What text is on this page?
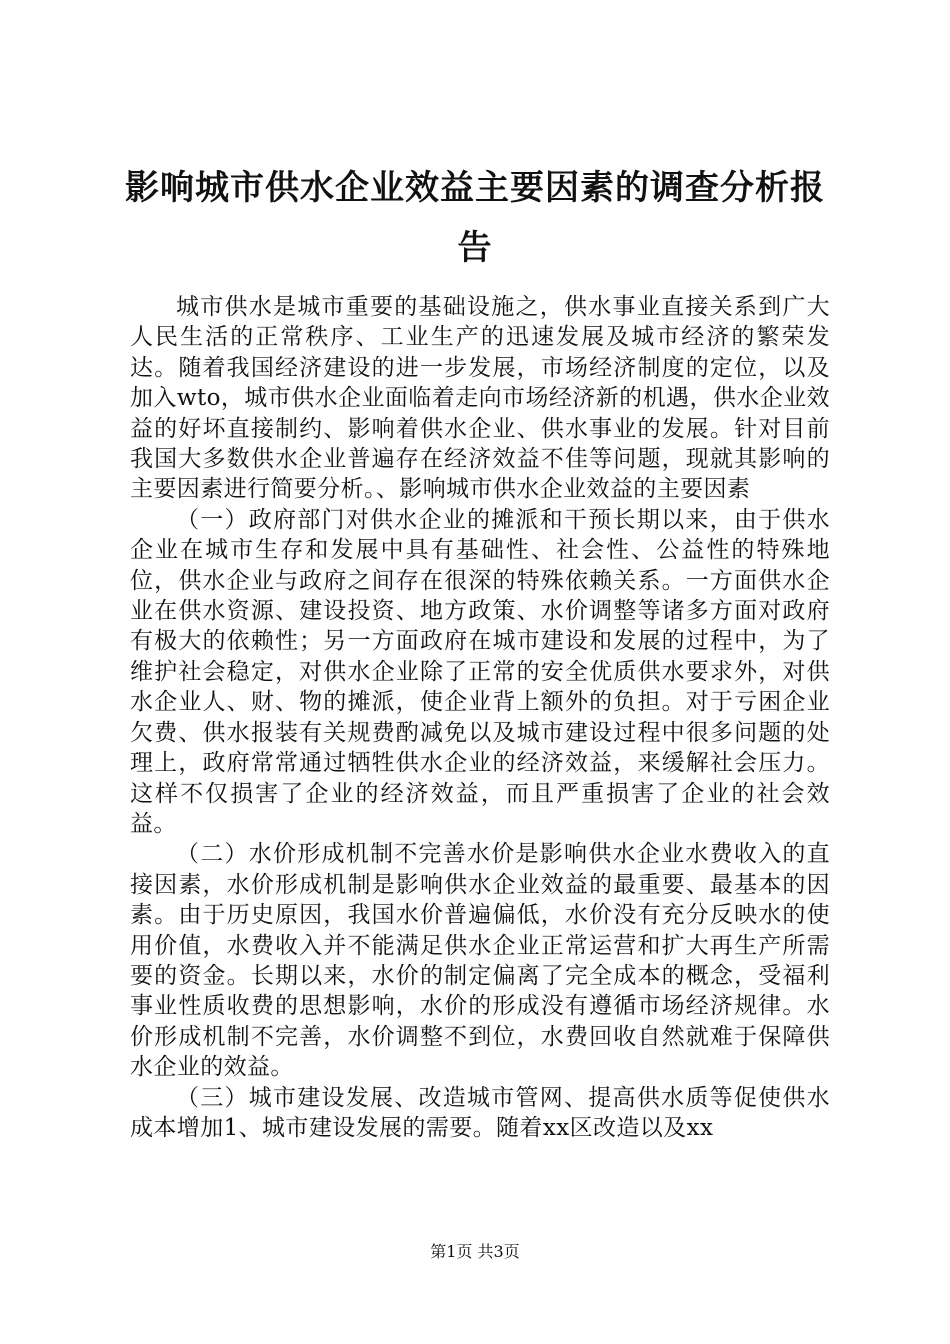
影响城市供水企业效益主要因素的调查分析报告

城市供水是城市重要的基础设施之，供水事业直接关系到广大人民生活的正常秩序、工业生产的迅速发展及城市经济的繁荣发达。随着我国经济建设的进一步发展，市场经济制度的定位，以及加入wto，城市供水企业面临着走向市场经济新的机遇，供水企业效益的好坏直接制约、影响着供水企业、供水事业的发展。针对目前我国大多数供水企业普遍存在经济效益不佳等问题，现就其影响的主要因素进行简要分析。、影响城市供水企业效益的主要因素

（一）政府部门对供水企业的摊派和干预长期以来，由于供水企业在城市生存和发展中具有基础性、社会性、公益性的特殊地位，供水企业与政府之间存在很深的特殊依赖关系。一方面供水企业在供水资源、建设投资、地方政策、水价调整等诸多方面对政府有极大的依赖性；另一方面政府在城市建设和发展的过程中，为了维护社会稳定，对供水企业除了正常的安全优质供水要求外，对供水企业人、财、物的摊派，使企业背上额外的负担。对于亏困企业欠费、供水报装有关规费酌减免以及城市建设过程中很多问题的处理上，政府常常通过牺牲供水企业的经济效益，来缓解社会压力。这样不仅损害了企业的经济效益，而且严重损害了企业的社会效益。

（二）水价形成机制不完善水价是影响供水企业水费收入的直接因素，水价形成机制是影响供水企业效益的最重要、最基本的因素。由于历史原因，我国水价普遍偏低，水价没有充分反映水的使用价值，水费收入并不能满足供水企业正常运营和扩大再生产所需要的资金。长期以来，水价的制定偏离了完全成本的概念，受福利事业性质收费的思想影响，水价的形成没有遵循市场经济规律。水价形成机制不完善，水价调整不到位，水费回收自然就难于保障供水企业的效益。

（三）城市建设发展、改造城市管网、提高供水质等促使供水成本增加1、城市建设发展的需要。随着xx区改造以及xx

第1页 共3页
